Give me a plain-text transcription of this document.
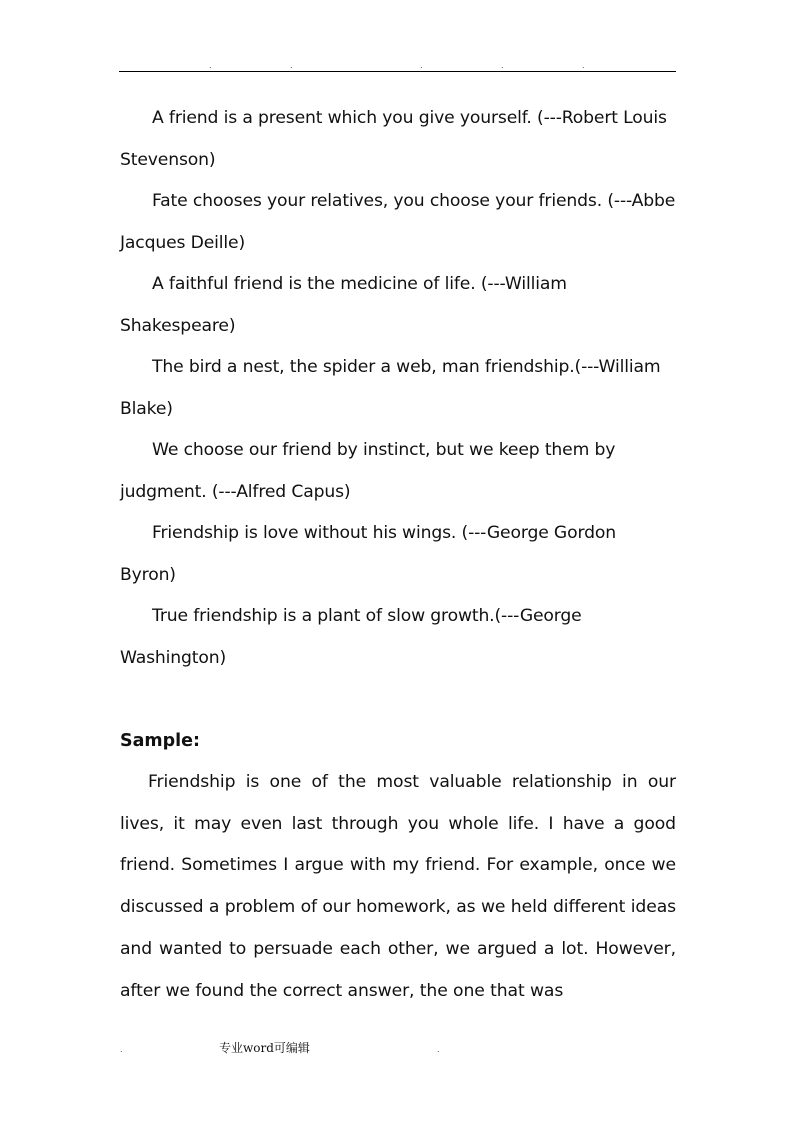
.	.	.	.	.

A friend is a present which you give yourself. (---Robert Louis Stevenson)

Fate chooses your relatives, you choose your friends. (---Abbe Jacques Deille)

A faithful friend is the medicine of life. (---William Shakespeare)

The bird a nest, the spider a web, man friendship.(---William Blake)

We choose our friend by instinct, but we keep them by judgment. (---Alfred Capus)

Friendship is love without his wings. (---George Gordon Byron)

True friendship is a plant of slow growth.(---George Washington)

Sample:

Friendship is one of the most valuable relationship in our lives, it may even last through you whole life. I have a good friend. Sometimes I argue with my friend. For example, once we discussed a problem of our homework, as we held different ideas and wanted to persuade each other, we argued a lot. However, after we found the correct answer, the one that was

.	专业word可编辑	.
